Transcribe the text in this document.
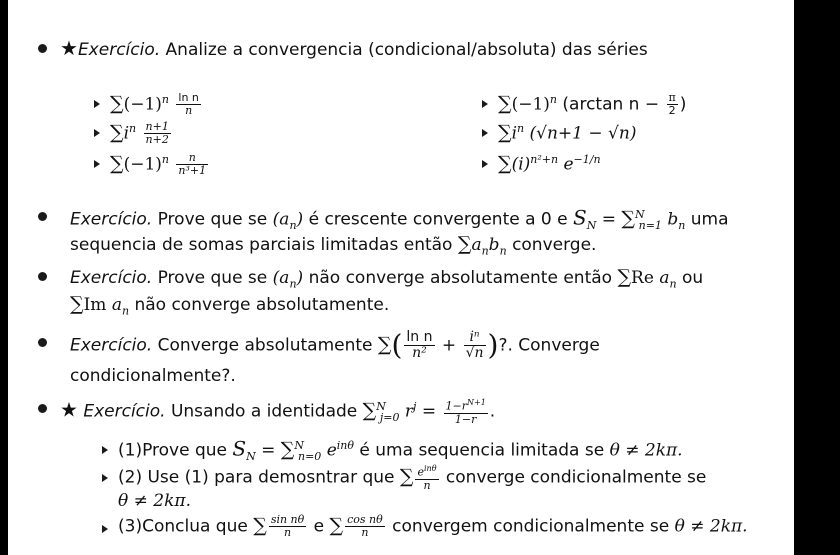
★Exercício. Analize a convergencia (condicional/absoluta) das séries
$\sum(-1)^n \frac{\text{ln n}}{n}$
$\sum i^n \frac{n+1}{n+2}$
$\sum(-1)^n \frac{n}{\text{n³+1}}$
$\sum(-1)^n$ (arctan $n - \frac{\pi}{2}$ )
$\sum i^n$ (√n+1 − √n)
$\sum(i)^{n^2+n}$ $e^{-1/n}$
Exercício. Prove que se $(a_n)$ é crescente convergente a 0 e $S_N = \sum^N_{n=1}$ $b_n$ uma
sequencia de somas parciais limitadas então $\sum a_nb_n$ converge.
Exercício. Prove que se $(a_n)$ não converge absolutamente então ∑Re $a_n$ ou
∑Im $a_n$ não converge absolutamente.
Exercício. Converge absolutamente ∑( $\frac{\text{ln n}}{\text{n²}} + \frac{\text{iⁿ}}{√n}$ )?. Converge
condicionalmente?.
★ Exercício. Unsando a identidade ∑$^N_{j=0}$ $r^j = \frac{1-r^{N+1}}{1-r}$ .
(1)Prove que $S_N = \sum^N_{n=0}$ $e^{in\theta}$ é uma sequencia limitada se θ ≠ 2kπ.
(2) Use (1) para demosntrar que ∑ $\frac{e^{in\theta}}{n}$ converge condicionalmente se
θ ≠ 2kπ.
(3)Conclua que ∑ $\frac{\text{sin nθ}}{n}$ e ∑ $\frac{\text{cos nθ}}{n}$ convergem condicionalmente se θ ≠ 2kπ.
